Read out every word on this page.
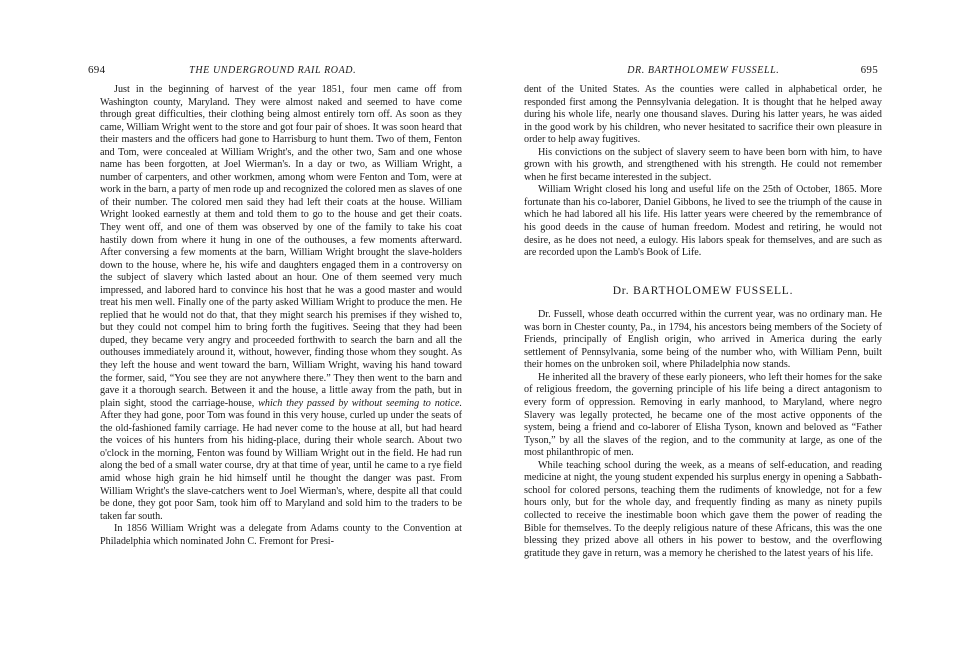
694	THE UNDERGROUND RAIL ROAD.

Just in the beginning of harvest of the year 1851, four men came off from Washington county, Maryland. They were almost naked and seemed to have come through great difficulties, their clothing being almost entirely torn off. As soon as they came, William Wright went to the store and got four pair of shoes. It was soon heard that their masters and the officers had gone to Harrisburg to hunt them. Two of them, Fenton and Tom, were concealed at William Wright's, and the other two, Sam and one whose name has been forgotten, at Joel Wierman's. In a day or two, as William Wright, a number of carpenters, and other workmen, among whom were Fenton and Tom, were at work in the barn, a party of men rode up and recognized the colored men as slaves of one of their number. The colored men said they had left their coats at the house. William Wright looked earnestly at them and told them to go to the house and get their coats. They went off, and one of them was observed by one of the family to take his coat hastily down from where it hung in one of the outhouses, a few moments afterward. After conversing a few moments at the barn, William Wright brought the slave-holders down to the house, where he, his wife and daughters engaged them in a controversy on the subject of slavery which lasted about an hour. One of them seemed very much impressed, and labored hard to convince his host that he was a good master and would treat his men well. Finally one of the party asked William Wright to produce the men. He replied that he would not do that, that they might search his premises if they wished to, but they could not compel him to bring forth the fugitives. Seeing that they had been duped, they became very angry and proceeded forthwith to search the barn and all the outhouses immediately around it, without, however, finding those whom they sought. As they left the house and went toward the barn, William Wright, waving his hand toward the former, said, “You see they are not anywhere there.” They then went to the barn and gave it a thorough search. Between it and the house, a little away from the path, but in plain sight, stood the carriage-house, which they passed by without seeming to notice. After they had gone, poor Tom was found in this very house, curled up under the seats of the old-fashioned family carriage. He had never come to the house at all, but had heard the voices of his hunters from his hiding-place, during their whole search. About two o'clock in the morning, Fenton was found by William Wright out in the field. He had run along the bed of a small water course, dry at that time of year, until he came to a rye field amid whose high grain he hid himself until he thought the danger was past. From William Wright's the slave-catchers went to Joel Wierman's, where, despite all that could be done, they got poor Sam, took him off to Maryland and sold him to the traders to be taken far south.

In 1856 William Wright was a delegate from Adams county to the Convention at Philadelphia which nominated John C. Fremont for Presi-

DR. BARTHOLOMEW FUSSELL.	695

dent of the United States. As the counties were called in alphabetical order, he responded first among the Pennsylvania delegation. It is thought that he helped away during his whole life, nearly one thousand slaves. During his latter years, he was aided in the good work by his children, who never hesitated to sacrifice their own pleasure in order to help away fugitives.

His convictions on the subject of slavery seem to have been born with him, to have grown with his growth, and strengthened with his strength. He could not remember when he first became interested in the subject.

William Wright closed his long and useful life on the 25th of October, 1865. More fortunate than his co-laborer, Daniel Gibbons, he lived to see the triumph of the cause in which he had labored all his life. His latter years were cheered by the remembrance of his good deeds in the cause of human freedom. Modest and retiring, he would not desire, as he does not need, a eulogy. His labors speak for themselves, and are such as are recorded upon the Lamb's Book of Life.

Dr. BARTHOLOMEW FUSSELL.

Dr. Fussell, whose death occurred within the current year, was no ordinary man. He was born in Chester county, Pa., in 1794, his ancestors being members of the Society of Friends, principally of English origin, who arrived in America during the early settlement of Pennsylvania, some being of the number who, with William Penn, built their homes on the unbroken soil, where Philadelphia now stands.

He inherited all the bravery of these early pioneers, who left their homes for the sake of religious freedom, the governing principle of his life being a direct antagonism to every form of oppression. Removing in early manhood, to Maryland, where negro Slavery was legally protected, he became one of the most active opponents of the system, being a friend and co-laborer of Elisha Tyson, known and beloved as “Father Tyson,” by all the slaves of the region, and to the community at large, as one of the most philanthropic of men.

While teaching school during the week, as a means of self-education, and reading medicine at night, the young student expended his surplus energy in opening a Sabbath-school for colored persons, teaching them the rudiments of knowledge, not for a few hours only, but for the whole day, and frequently finding as many as ninety pupils collected to receive the inestimable boon which gave them the power of reading the Bible for themselves. To the deeply religious nature of these Africans, this was the one blessing they prized above all others in his power to bestow, and the overflowing gratitude they gave in return, was a memory he cherished to the latest years of his life.
